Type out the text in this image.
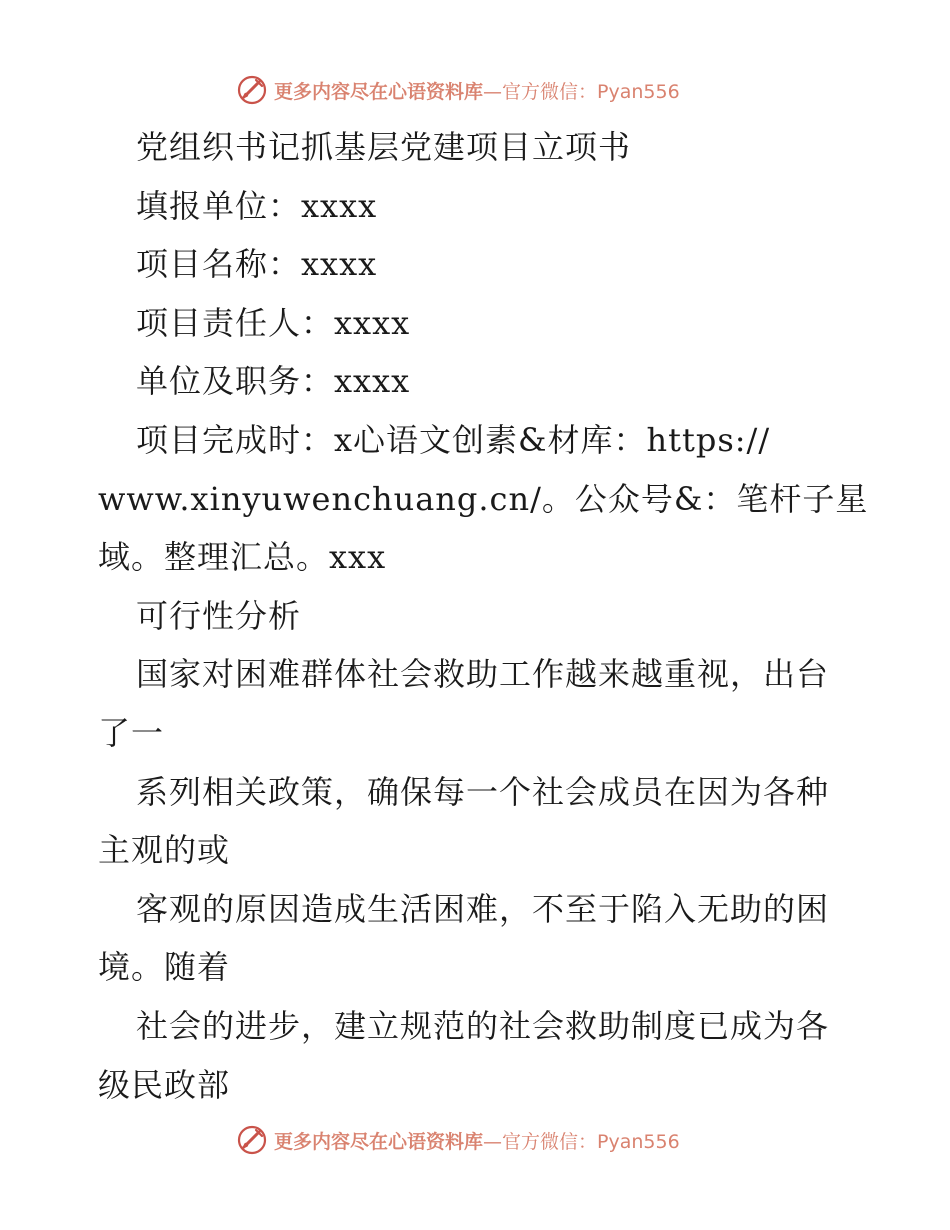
更多内容尽在心语资料库—官方微信：Pyan556
党组织书记抓基层党建项目立项书
填报单位：xxxx
项目名称：xxxx
项目责任人：xxxx
单位及职务：xxxx
项目完成时：x心语文创素&材库：https://
www.xinyuwenchuang.cn/。公众号&：笔杆子星
域。整理汇总。xxx
可行性分析
国家对困难群体社会救助工作越来越重视，出台
了一
系列相关政策，确保每一个社会成员在因为各种
主观的或
客观的原因造成生活困难，不至于陷入无助的困
境。随着
社会的进步，建立规范的社会救助制度已成为各
级民政部
更多内容尽在心语资料库—官方微信：Pyan556
